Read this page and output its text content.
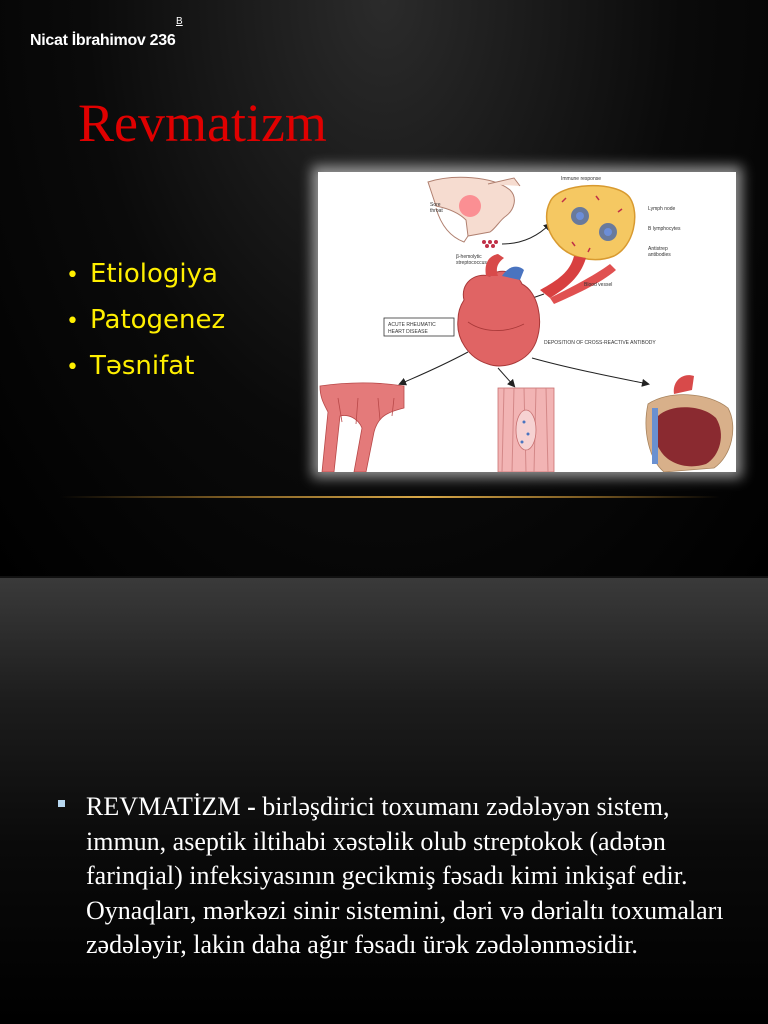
Nicat İbrahimov 236
B
Revmatizm
• Etiologiya
• Patogenez
• Təsnifat
Sore
throat
β-hemolytic
streptococcus
Immune response
Lymph node
B lymphocytes
Antistrep
antibodies
Blood vessel
ACUTE RHEUMATIC
HEART DISEASE
DEPOSITION OF CROSS-REACTIVE ANTIBODY

REVMATİZM - birləşdirici toxumanı zədələyən sistem, immun, aseptik iltihabi xəstəlik olub streptokok (adətən farinqial) infeksiyasının gecikmiş fəsadı kimi inkişaf edir. Oynaqları, mərkəzi sinir sistemini, dəri və dərialtı toxumaları zədələyir, lakin daha ağır fəsadı ürək zədələnməsidir.
